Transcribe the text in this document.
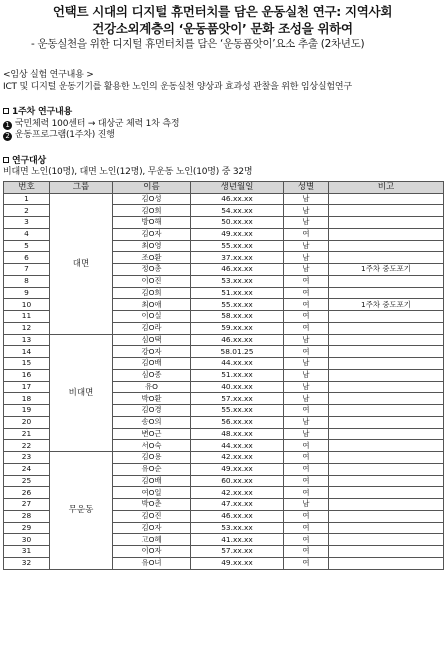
언택트 시대의 디지털 휴먼터치를 담은 운동실천 연구: 지역사회
건강소외계층의 ‘운동품앗이’ 문화 조성을 위하여
- 운동실천을 위한 디지털 휴먼터치를 담은 ‘운동품앗이’요소 추출 (2차년도)
<임상 실험 연구내용 >
ICT 및 디지털 운동기기를 활용한 노인의 운동실천 양상과 효과성 관찰을 위한 임상실험연구
1주차 연구내용
1 국민체력 100센터 → 대상군 체력 1차 측정
2 운동프로그램(1주차) 진행
연구대상
비대면 노인(10명), 대면 노인(12명), 무운동 노인(10명) 중 32명
번호	그룹	이름	생년월일	성별	비고
1	대면	김O성	46.xx.xx	남	
2		김O희	54.xx.xx	남	
3		방O해	50.xx.xx	남	
4		김O자	49.xx.xx	여	
5		최O영	55.xx.xx	남	
6		조O환	37.xx.xx	남	
7		정O총	46.xx.xx	남	1주차 중도포기
8		이O진	53.xx.xx	여	
9		김O희	51.xx.xx	여	
10		최O애	55.xx.xx	여	1주차 중도포기
11		이O실	58.xx.xx	여	
12		김O라	59.xx.xx	여	
13	비대면	심O택	46.xx.xx	남	
14		강O자	58.01.25	여	
15		김O배	44.xx.xx	남	
16		심O종	51.xx.xx	남	
17		유O	40.xx.xx	남	
18		박O환	57.xx.xx	남	
19		김O경	55.xx.xx	여	
20		송O의	56.xx.xx	남	
21		변O근	48.xx.xx	남	
22		서O숙	44.xx.xx	여	
23	무운동	김O용	42.xx.xx	여	
24		유O순	49.xx.xx	여	
25		김O배	60.xx.xx	여	
26		여O일	42.xx.xx	여	
27		박O춘	47.xx.xx	남	
28		김O진	46.xx.xx	여	
29		김O자	53.xx.xx	여	
30		고O혜	41.xx.xx	여	
31		이O자	57.xx.xx	여	
32		유O녀	49.xx.xx	여	
